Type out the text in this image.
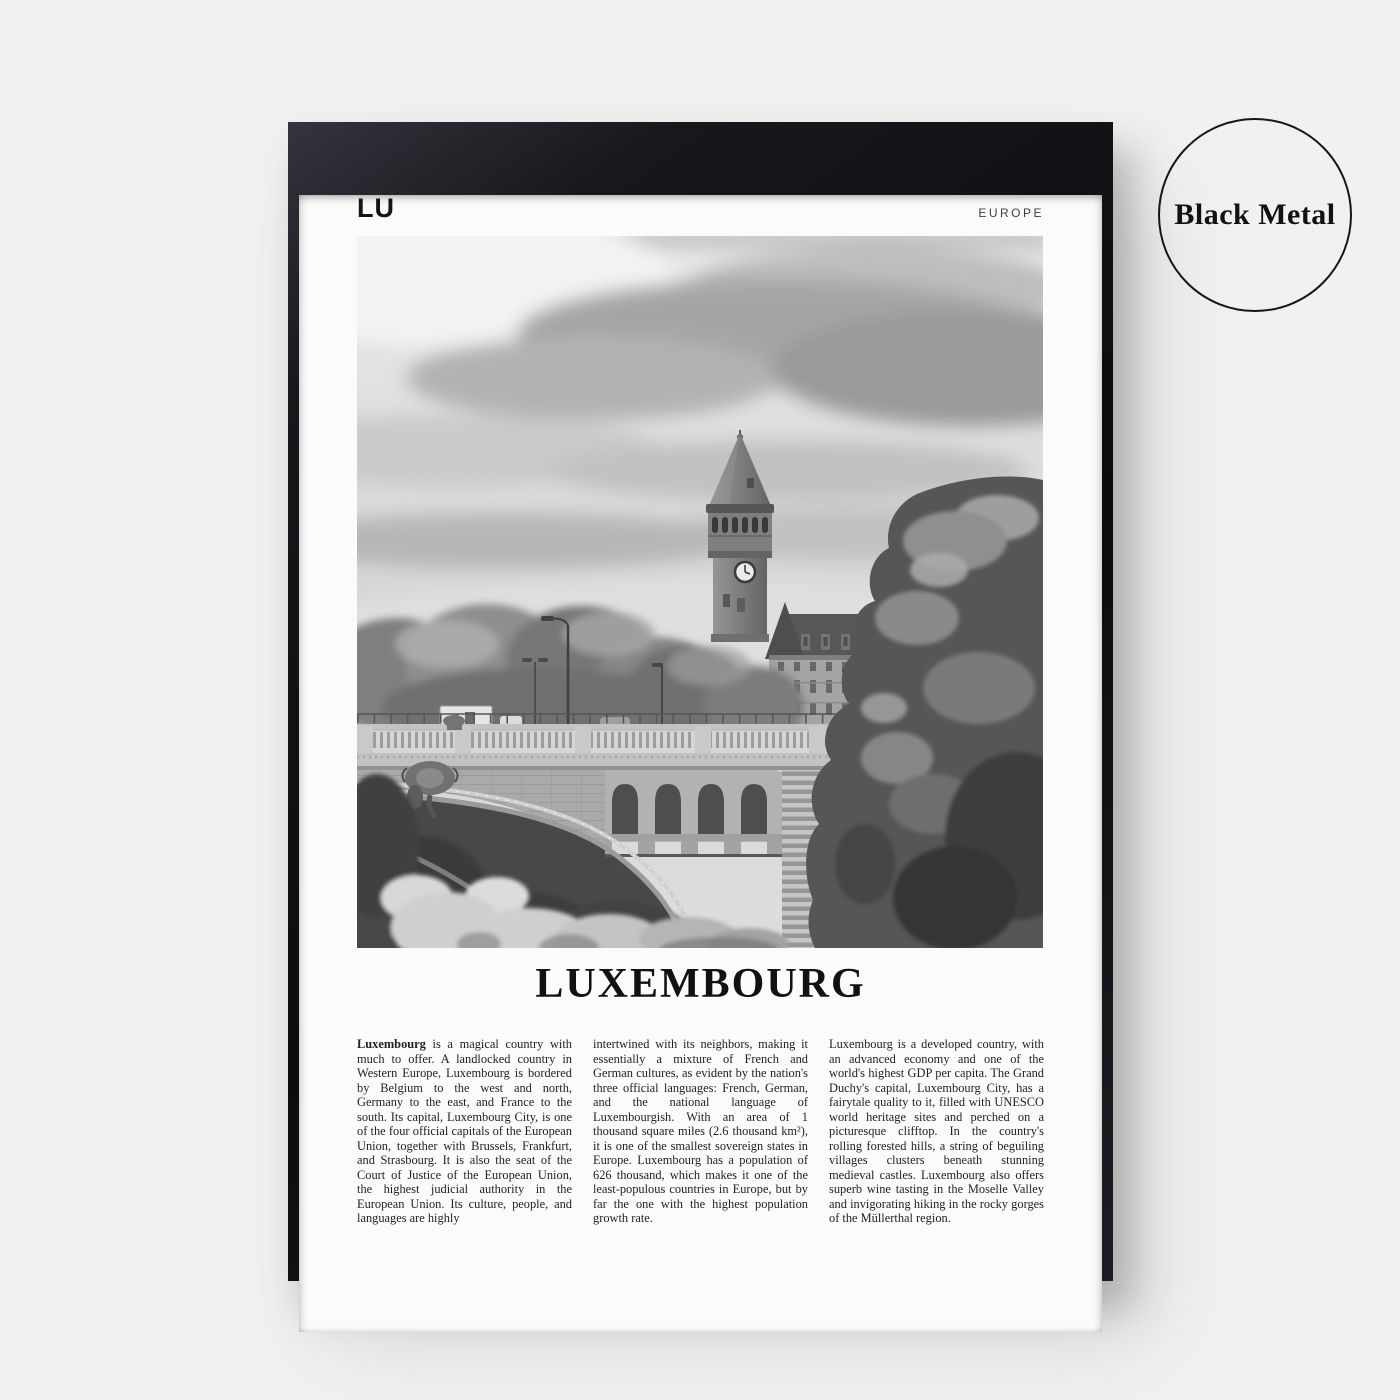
LU	EUROPE
LUXEMBOURG

Luxembourg is a magical country with much to offer. A landlocked country in Western Europe, Luxembourg is bordered by Belgium to the west and north, Germany to the east, and France to the south. Its capital, Luxembourg City, is one of the four official capitals of the European Union, together with Brussels, Frankfurt, and Strasbourg. It is also the seat of the Court of Justice of the European Union, the highest judicial authority in the European Union. Its culture, people, and languages are highly

intertwined with its neighbors, making it essentially a mixture of French and German cultures, as evident by the nation's three official languages: French, German, and the national language of Luxembourgish. With an area of 1 thousand square miles (2.6 thousand km²), it is one of the smallest sovereign states in Europe. Luxembourg has a population of 626 thousand, which makes it one of the least-populous countries in Europe, but by far the one with the highest population growth rate.

Luxembourg is a developed country, with an advanced economy and one of the world's highest GDP per capita. The Grand Duchy's capital, Luxembourg City, has a fairytale quality to it, filled with UNESCO world heritage sites and perched on a picturesque clifftop. In the country's rolling forested hills, a string of beguiling villages clusters beneath stunning medieval castles. Luxembourg also offers superb wine tasting in the Moselle Valley and invigorating hiking in the rocky gorges of the Müllerthal region.

Black Metal
